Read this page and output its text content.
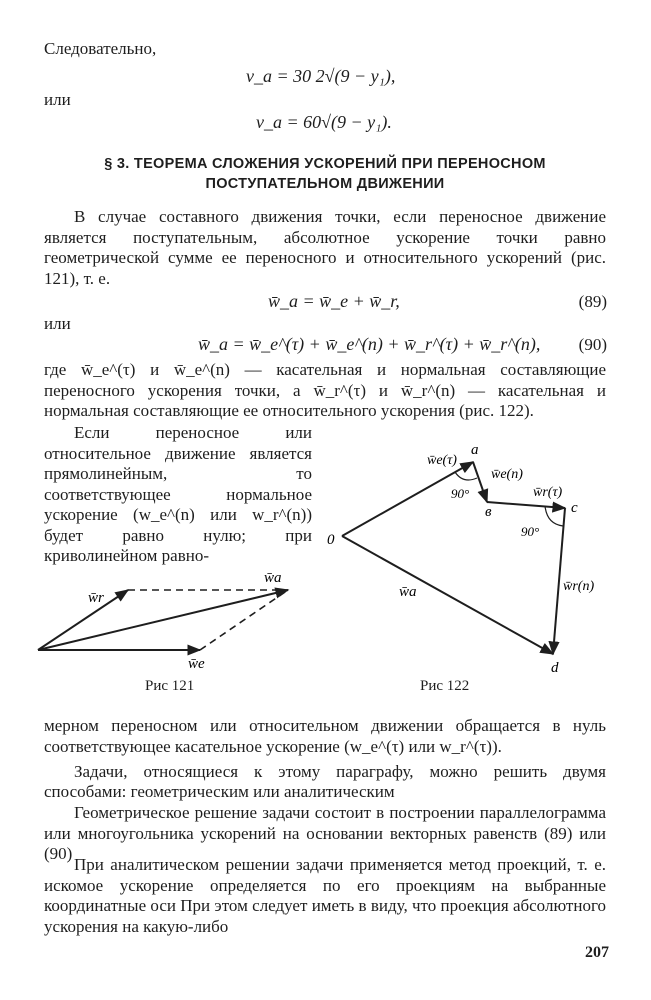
Следовательно,
v_a = 30 2√(9 − y₁),
или
v_a = 60√(9 − y₁).
§ 3. ТЕОРЕМА СЛОЖЕНИЯ УСКОРЕНИЙ ПРИ ПЕРЕНОСНОМ
ПОСТУПАТЕЛЬНОМ ДВИЖЕНИИ
В случае составного движения точки, если переносное движение является поступательным, абсолютное ускорение точки равно геометрической сумме ее переносного и относительного ускорений (рис. 121), т. е.
w̄_a = w̄_e + w̄_r,	(89)
или
w̄_a = w̄_e^(τ) + w̄_e^(n) + w̄_r^(τ) + w̄_r^(n), (90)
где w̄_e^(τ) и w̄_e^(n) — касательная и нормальная составляющие переносного ускорения точки, а w̄_r^(τ) и w̄_r^(n) — касательная и нормальная составляющие ее относительного ускорения (рис. 122).
Если переносное или относительное движение является прямолинейным, то соответствующее нормальное ускорение (w_e^(n) или w_r^(n)) будет равно нулю; при криволинейном равно-
w̄r
w̄a
w̄e
Рис 121
0
a
в	c
d
w̄e(τ)
w̄e(n)
w̄r(τ)
w̄r(n)
w̄a
90°
90°
Рис 122
мерном переносном или относительном движении обращается в нуль соответствующее касательное ускорение (w_e^(τ) или w_r^(τ)).
Задачи, относящиеся к этому параграфу, можно решить двумя способами: геометрическим или аналитическим
Геометрическое решение задачи состоит в построении параллелограмма или многоугольника ускорений на основании векторных равенств (89) или (90)
При аналитическом решении задачи применяется метод проекций, т. е. искомое ускорение определяется по его проекциям на выбранные координатные оси При этом следует иметь в виду, что проекция абсолютного ускорения на какую-либо
207
